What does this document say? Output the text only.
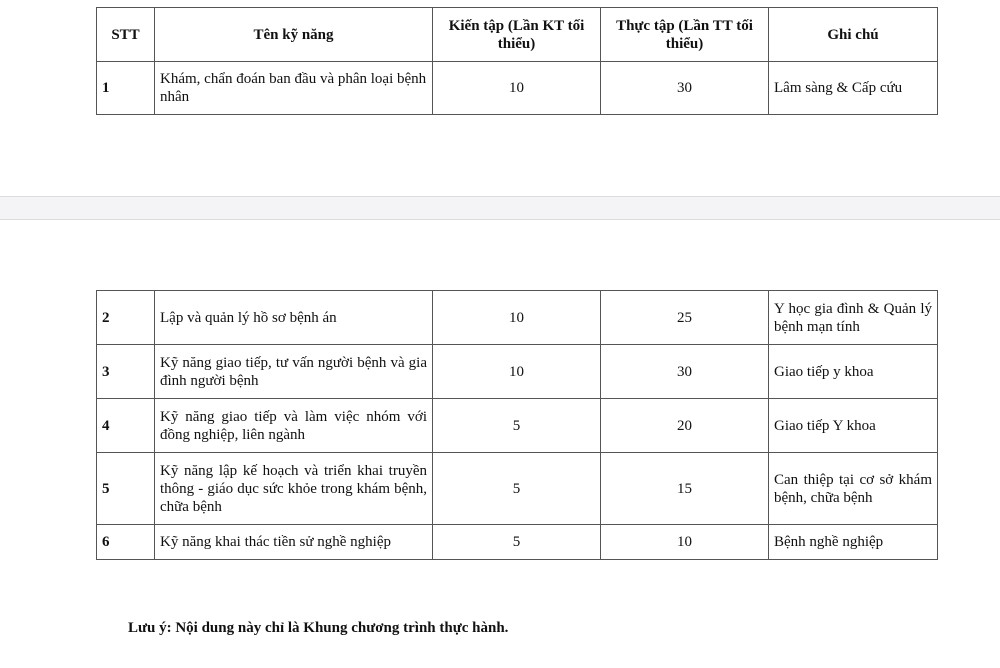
STT	Tên kỹ năng	Kiến tập (Lần KT tối thiểu)	Thực tập (Lần TT tối thiểu)	Ghi chú
1	Khám, chẩn đoán ban đầu và phân loại bệnh nhân	10	30	Lâm sàng & Cấp cứu
2	Lập và quản lý hồ sơ bệnh án	10	25	Y học gia đình & Quản lý bệnh mạn tính
3	Kỹ năng giao tiếp, tư vấn người bệnh và gia đình người bệnh	10	30	Giao tiếp y khoa
4	Kỹ năng giao tiếp và làm việc nhóm với đồng nghiệp, liên ngành	5	20	Giao tiếp Y khoa
5	Kỹ năng lập kế hoạch và triển khai truyền thông - giáo dục sức khỏe trong khám bệnh, chữa bệnh	5	15	Can thiệp tại cơ sở khám bệnh, chữa bệnh
6	Kỹ năng khai thác tiền sử nghề nghiệp	5	10	Bệnh nghề nghiệp
Lưu ý: Nội dung này chỉ là Khung chương trình thực hành.
